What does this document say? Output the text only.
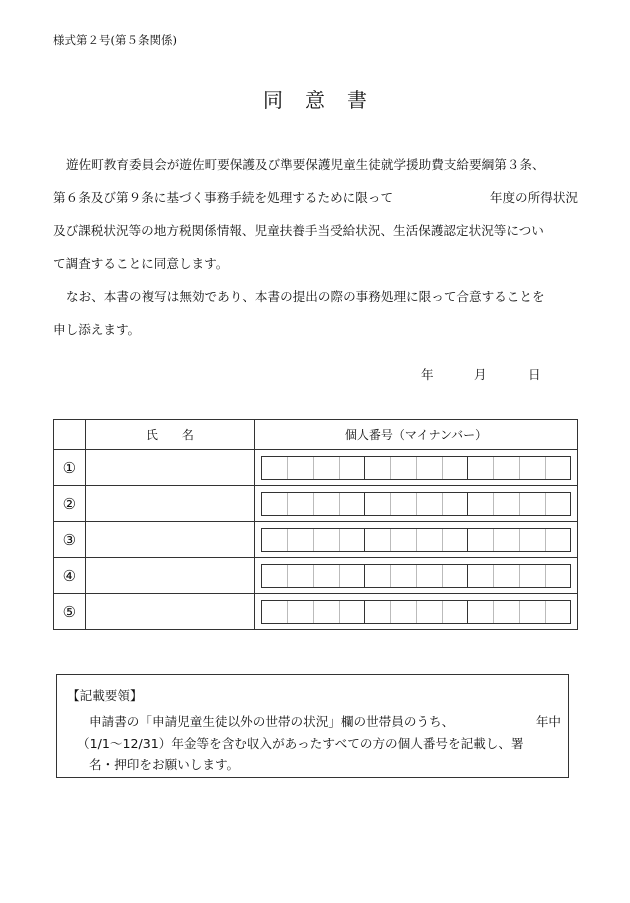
様式第２号(第５条関係)
同 意 書
遊佐町教育委員会が遊佐町要保護及び準要保護児童生徒就学援助費支給要綱第３条、
第６条及び第９条に基づく事務手続を処理するために限って	年度の所得状況
及び課税状況等の地方税関係情報、児童扶養手当受給状況、生活保護認定状況等につい
て調査することに同意します。
なお、本書の複写は無効であり、本書の提出の際の事務処理に限って合意することを
申し添えます。
年	月	日
	氏　　名	個人番号（マイナンバー）
①		

②		

③		

④		

⑤		
【記載要領】
申請書の「申請児童生徒以外の世帯の状況」欄の世帯員のうち、	年中
（1/1～12/31）年金等を含む収入があったすべての方の個人番号を記載し、署
名・押印をお願いします。
